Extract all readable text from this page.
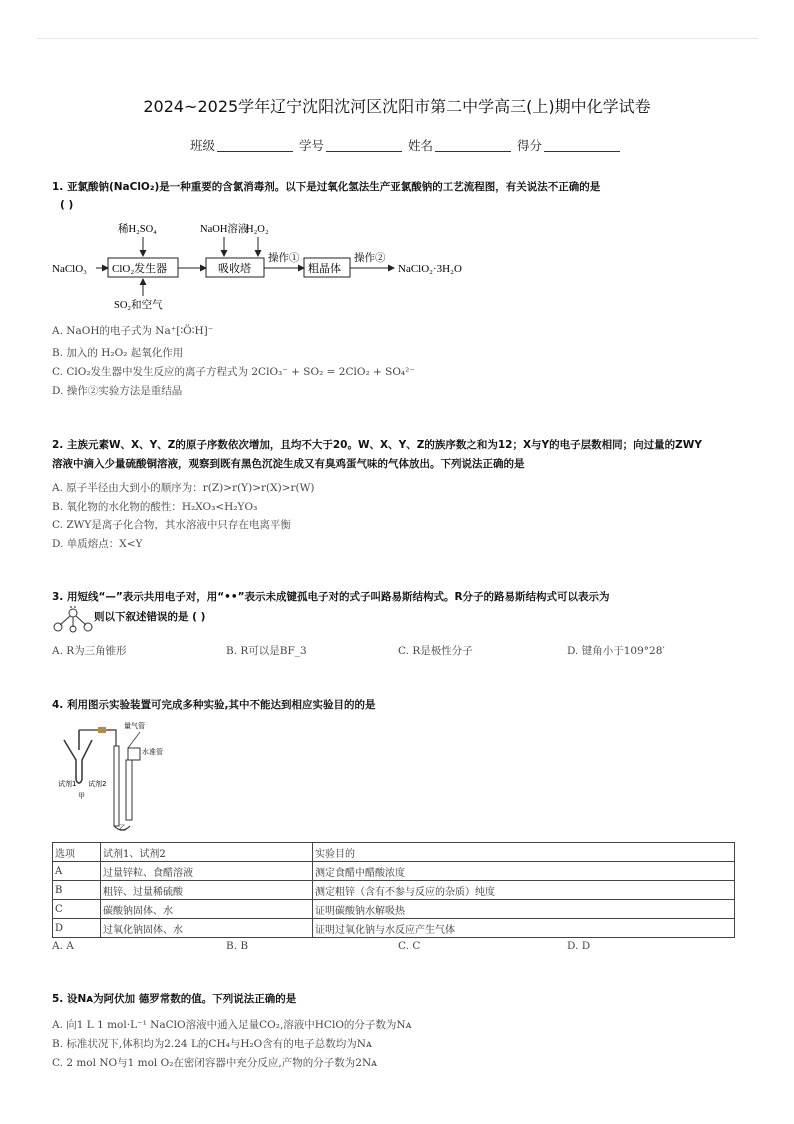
2024~2025学年辽宁沈阳沈河区沈阳市第二中学高三(上)期中化学试卷
班级	学号	姓名	得分
1. 亚氯酸钠(NaClO₂)是一种重要的含氯消毒剂。以下是过氧化氢法生产亚氯酸钠的工艺流程图，有关说法不正确的是
( )
NaClO₃ ClO₂发生器
稀H₂SO₄
SO₂和空气
吸收塔
NaOH溶液
H₂O₂
操作①
粗晶体
操作②
NaClO₂·3H₂O
A. NaOH的电子式为 Na⁺[∶Ö∶H]⁻
B. 加入的 H₂O₂ 起氧化作用
C. ClO₂发生器中发生反应的离子方程式为 2ClO₃⁻ + SO₂ = 2ClO₂ + SO₄²⁻
D. 操作②实验方法是重结晶
2. 主族元素W、X、Y、Z的原子序数依次增加，且均不大于20。W、X、Y、Z的族序数之和为12；X与Y的电子层数相同；向过量的ZWY
溶液中滴入少量硫酸铜溶液，观察到既有黑色沉淀生成又有臭鸡蛋气味的气体放出。下列说法正确的是
A. 原子半径由大到小的顺序为：r(Z)>r(Y)>r(X)>r(W)
B. 氧化物的水化物的酸性：H₂XO₃<H₂YO₃
C. ZWY是离子化合物，其水溶液中只存在电离平衡
D. 单质熔点：X<Y
3. 用短线“—”表示共用电子对，用“••”表示未成键孤电子对的式子叫路易斯结构式。R分子的路易斯结构式可以表示为
则以下叙述错误的是 ( )
A. R为三角锥形	B. R可以是BF_3	C. R是极性分子	D. 键角小于109°28′
4. 利用图示实验装置可完成多种实验,其中不能达到相应实验目的的是
量气管
水准管
试剂1 试剂2
甲
乙
选项	试剂1、试剂2	实验目的
A	过量锌粒、食醋溶液	测定食醋中醋酸浓度
B	粗锌、过量稀硫酸	测定粗锌（含有不参与反应的杂质）纯度
C	碳酸钠固体、水	证明碳酸钠水解吸热
D	过氧化钠固体、水	证明过氧化钠与水反应产生气体
A. A	B. B	C. C	D. D
5. 设Nᴀ为阿伏加 德罗常数的值。下列说法正确的是
A. 向1 L 1 mol·L⁻¹ NaClO溶液中通入足量CO₂,溶液中HClO的分子数为Nᴀ
B. 标准状况下,体积均为2.24 L的CH₄与H₂O含有的电子总数均为Nᴀ
C. 2 mol NO与1 mol O₂在密闭容器中充分反应,产物的分子数为2Nᴀ
